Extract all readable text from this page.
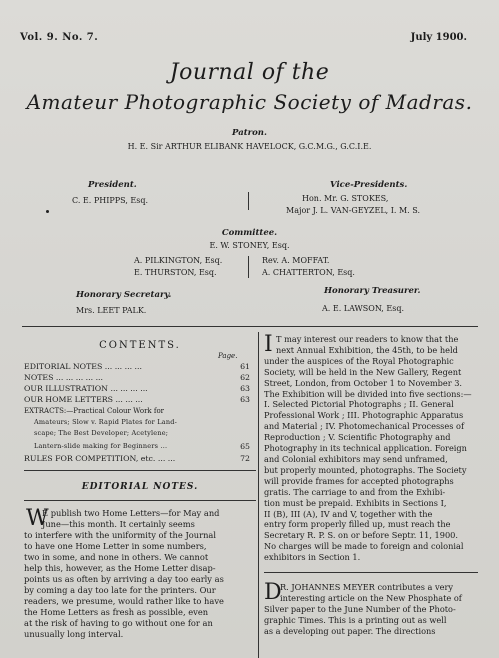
Vol. 9. No. 7.	July 1900.
Journal of the
Amateur Photographic Society of Madras.
Patron.
H. E. Sir ARTHUR ELIBANK HAVELOCK, G.C.M.G., G.C.I.E.
President.
C. E. PHIPPS, Esq.
Vice-Presidents.
Hon. Mr. G. STOKES,
Major J. L. VAN-GEYZEL, I. M. S.
Committee.
E. W. STONEY, Esq.
A. PILKINGTON, Esq.
E. THURSTON, Esq.
Rev. A. MOFFAT.
A. CHATTERTON, Esq.
Honorary Secretary.
Mrs. LEET PALK.
Honorary Treasurer.
A. E. LAWSON, Esq.
CONTENTS.
Page.
EDITORIAL NOTES ... ... ... ...	61
NOTES ... ... ... ... ...	62
OUR ILLUSTRATION ... ... ... ...	63
OUR HOME LETTERS ... ... ...	63
EXTRACTS:—Practical Colour Work for
Amateurs; Slow v. Rapid Plates for Land-
scape; The Best Developer; Acetylene;
Lantern-slide making for Beginners ...	65
RULES FOR COMPETITION, etc. ... ...	72
EDITORIAL NOTES.
W
E publish two Home Letters—for May and
June—this month. It certainly seems
to interfere with the uniformity of the Journal
to have one Home Letter in some numbers,
two in some, and none in others. We cannot
help this, however, as the Home Letter disap-
points us as often by arriving a day too early as
by coming a day too late for the printers. Our
readers, we presume, would rather like to have
the Home Letters as fresh as possible, even
at the risk of having to go without one for an
unusually long interval.
I T may interest our readers to know that the
next Annual Exhibition, the 45th, to be held
under the auspices of the Royal Photographic
Society, will be held in the New Gallery, Regent
Street, London, from October 1 to November 3.
The Exhibition will be divided into five sections:—
I. Selected Pictorial Photographs ; II. General
Professional Work ; III. Photographic Apparatus
and Material ; IV. Photomechanical Processes of
Reproduction ; V. Scientific Photography and
Photography in its technical application. Foreign
and Colonial exhibitors may send unframed,
but properly mounted, photographs. The Society
will provide frames for accepted photographs
gratis. The carriage to and from the Exhibi-
tion must be prepaid. Exhibits in Sections I,
II (B), III (A), IV and V, together with the
entry form properly filled up, must reach the
Secretary R. P. S. on or before Septr. 11, 1900.
No charges will be made to foreign and colonial
exhibitors in Section 1.
D
R. JOHANNES MEYER contributes a very
interesting article on the New Phosphate of
Silver paper to the June Number of the Photo-
graphic Times. This is a printing out as well
as a developing out paper. The directions
